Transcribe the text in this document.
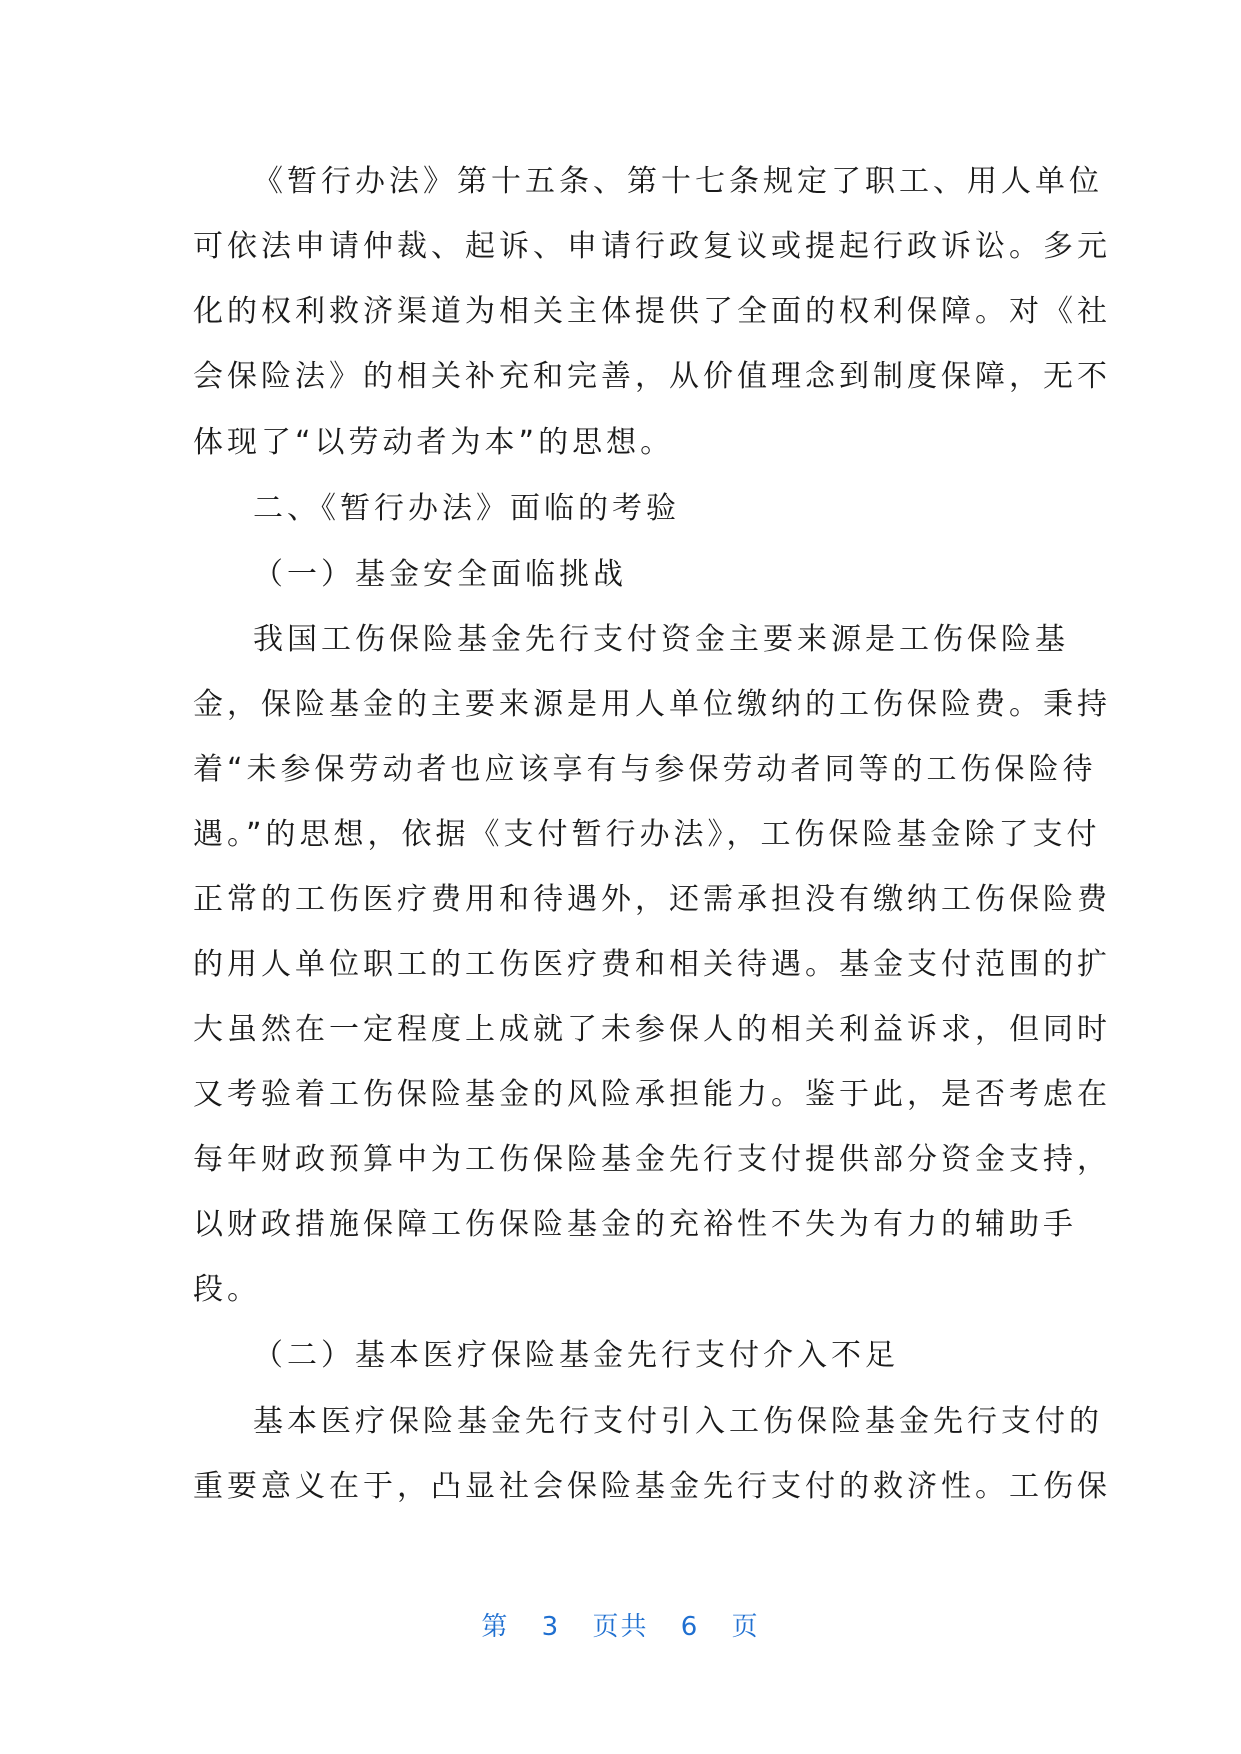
《暂行办法》第十五条、第十七条规定了职工、用人单位

可依法申请仲裁、起诉、申请行政复议或提起行政诉讼。多元

化的权利救济渠道为相关主体提供了全面的权利保障。对《社

会保险法》的相关补充和完善，从价值理念到制度保障，无不

体现了“以劳动者为本”的思想。

二、《暂行办法》面临的考验

（一）基金安全面临挑战

我国工伤保险基金先行支付资金主要来源是工伤保险基

金，保险基金的主要来源是用人单位缴纳的工伤保险费。秉持

着“未参保劳动者也应该享有与参保劳动者同等的工伤保险待

遇。”的思想，依据《支付暂行办法》，工伤保险基金除了支付

正常的工伤医疗费用和待遇外，还需承担没有缴纳工伤保险费

的用人单位职工的工伤医疗费和相关待遇。基金支付范围的扩

大虽然在一定程度上成就了未参保人的相关利益诉求，但同时

又考验着工伤保险基金的风险承担能力。鉴于此，是否考虑在

每年财政预算中为工伤保险基金先行支付提供部分资金支持，

以财政措施保障工伤保险基金的充裕性不失为有力的辅助手

段。

（二）基本医疗保险基金先行支付介入不足

基本医疗保险基金先行支付引入工伤保险基金先行支付的

重要意义在于，凸显社会保险基金先行支付的救济性。工伤保

第 3 页共 6 页
